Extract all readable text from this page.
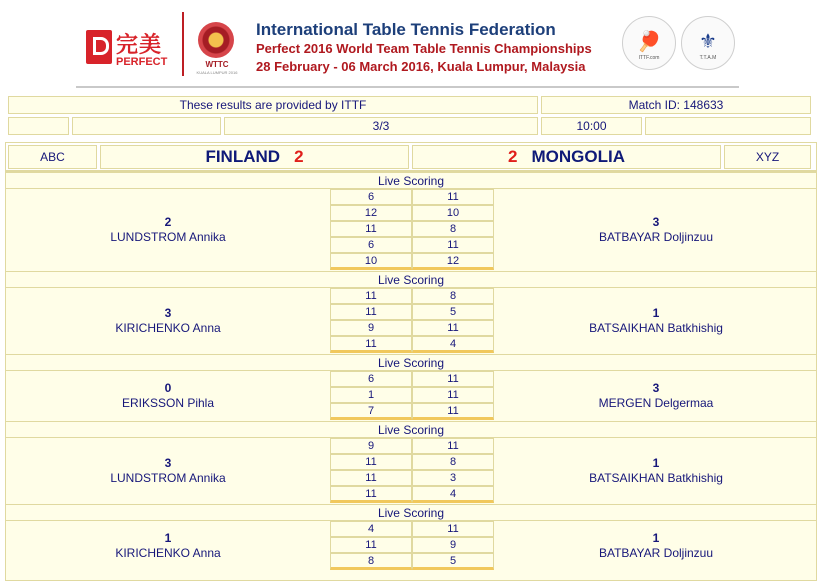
完美
PERFECT	WTTC
KUALA LUMPUR 2016
International Table Tennis Federation
Perfect 2016 World Team Table Tennis Championships
28 February - 06 March 2016, Kuala Lumpur, Malaysia
🏓
ITTF.com
⚜
T.T.A.M
These results are provided by ITTF	Match ID: 148633
3/3	10:00
ABC	FINLAND 2	2 MONGOLIA	XYZ
Live Scoring
2
LUNDSTROM Annika
3
BATBAYAR Doljinzuu
6	11
12	10
11	8
6	11
10	12
Live Scoring
3
KIRICHENKO Anna
1
BATSAIKHAN Batkhishig
11	8
11	5
9	11
11	4
Live Scoring
0
ERIKSSON Pihla
3
MERGEN Delgermaa
6	11
1	11
7	11
Live Scoring
3
LUNDSTROM Annika
1
BATSAIKHAN Batkhishig
9	11
11	8
11	3
11	4
Live Scoring
1
KIRICHENKO Anna
1
BATBAYAR Doljinzuu
4	11
11	9
8	5
